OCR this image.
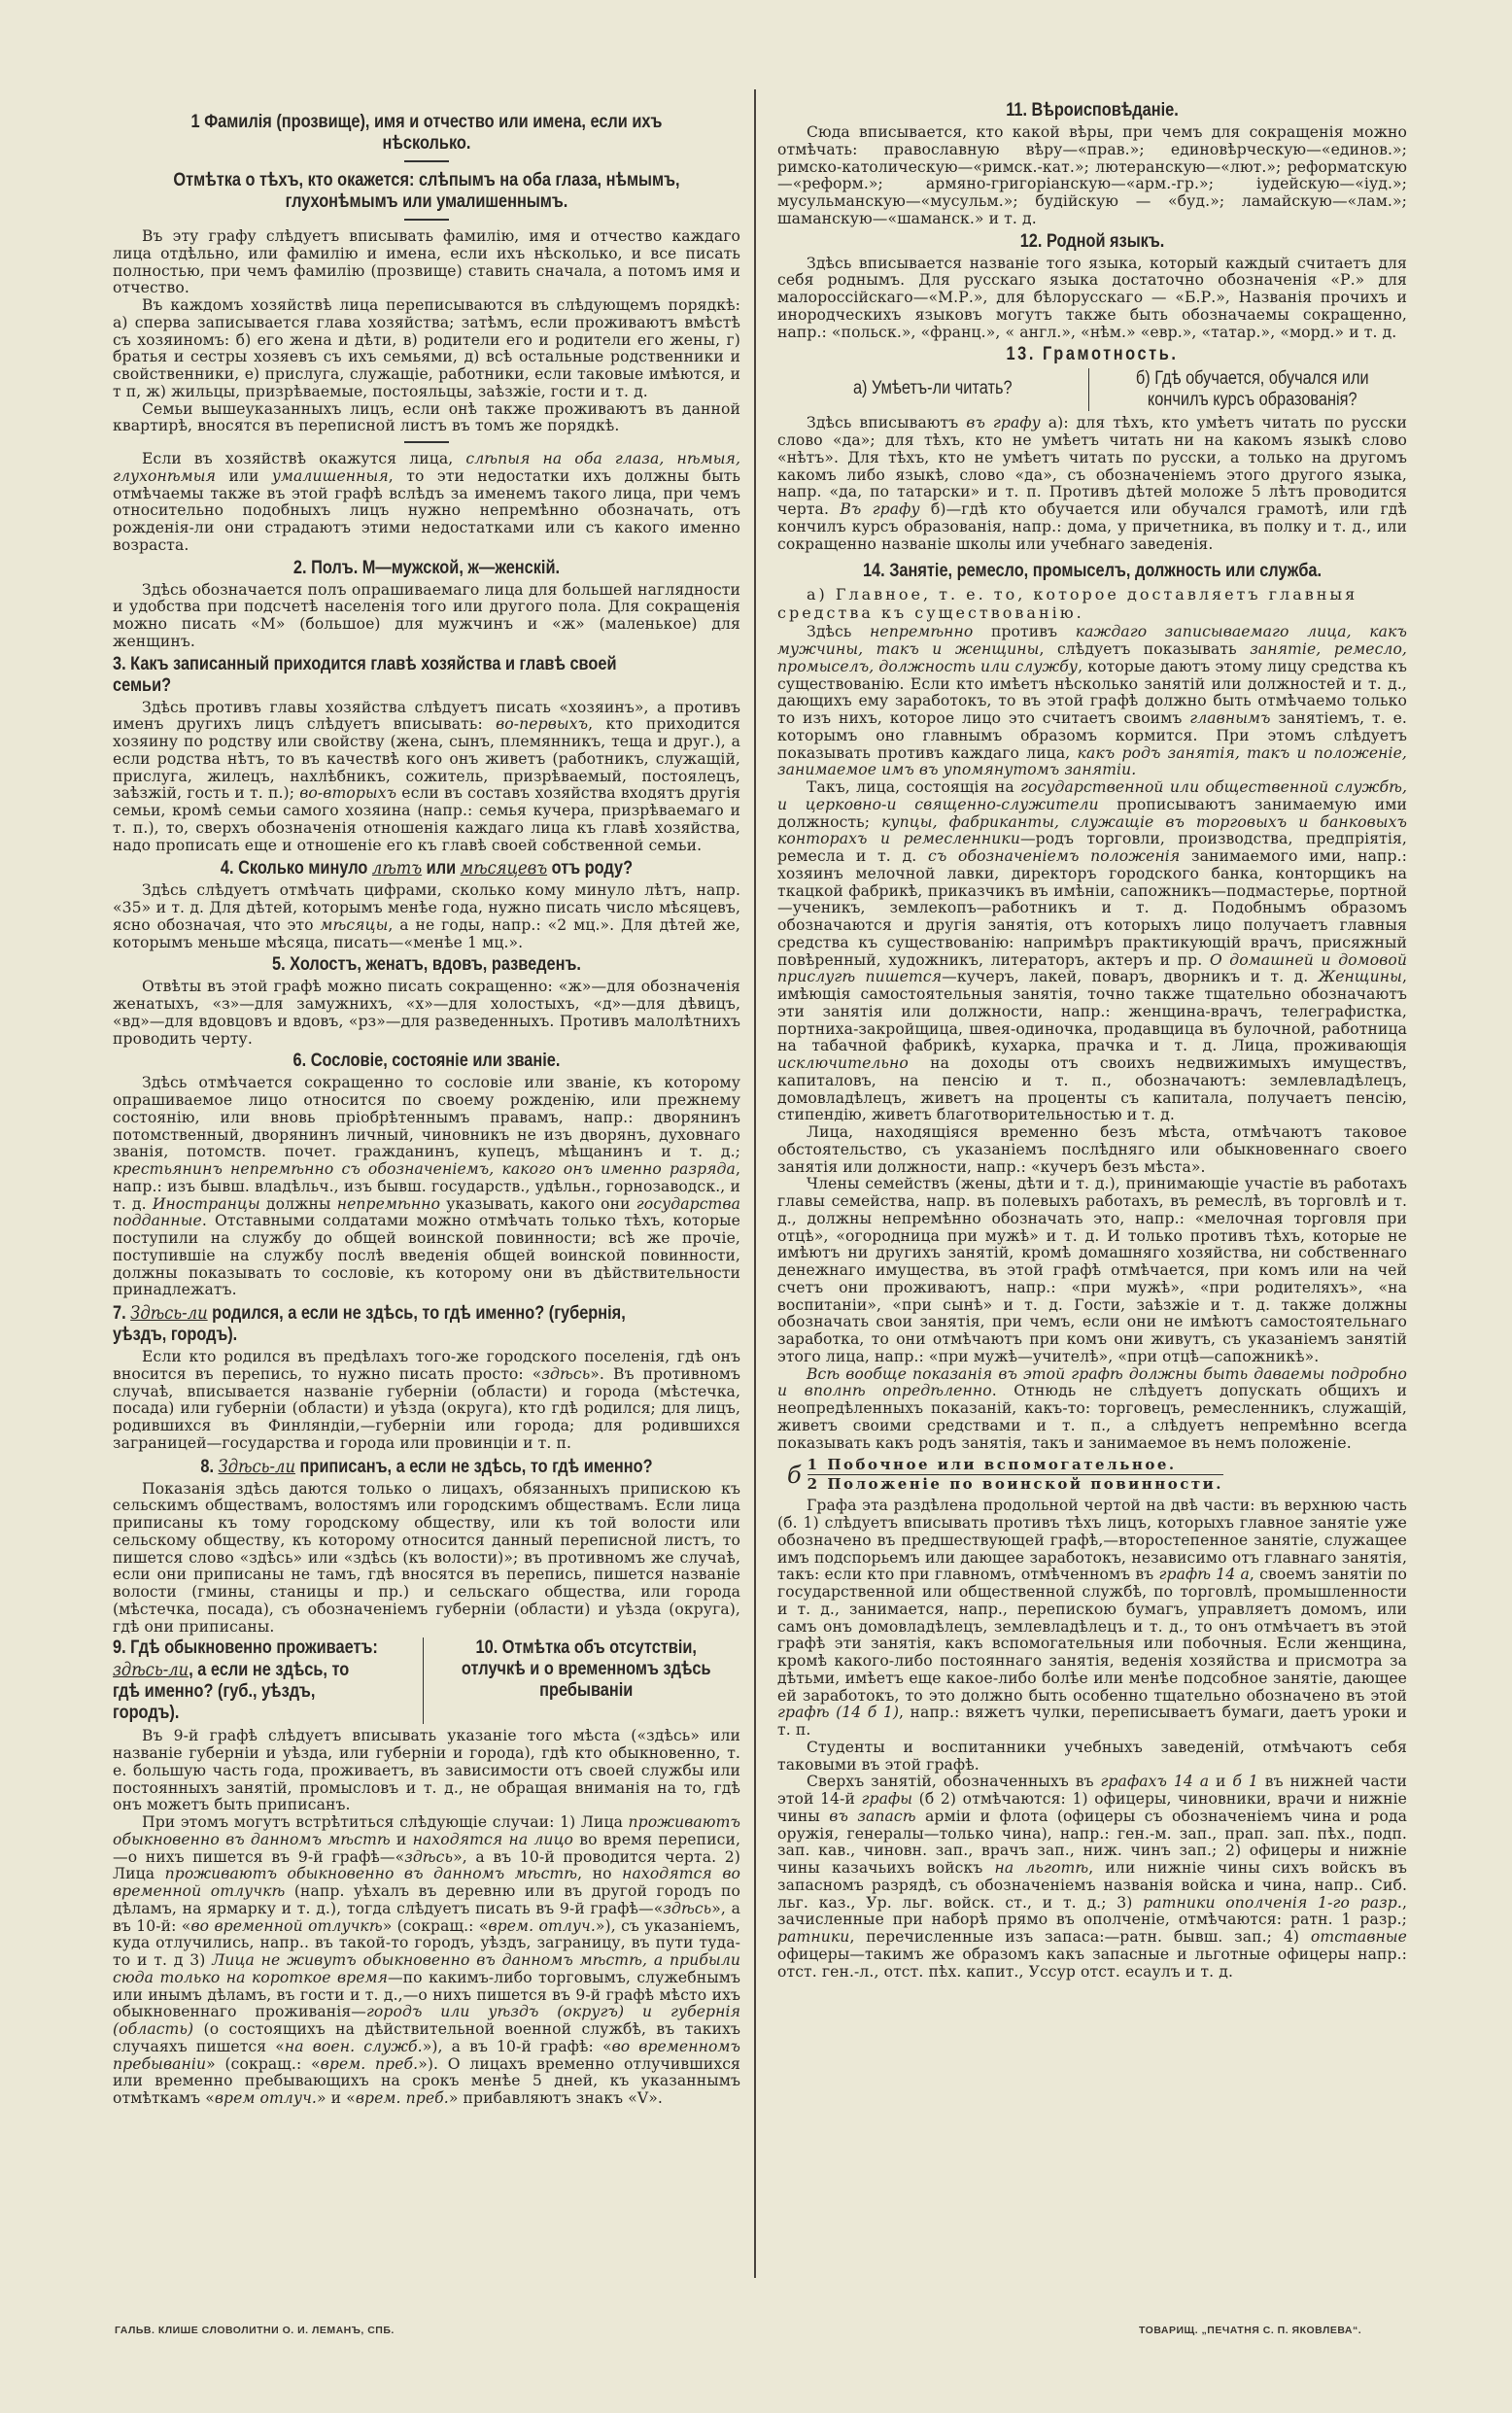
1 Фамилія (прозвище), имя и отчество или имена, если ихъ нѣсколько.
Отмѣтка о тѣхъ, кто окажется: слѣпымъ на оба глаза, нѣмымъ, глухонѣмымъ или умалишеннымъ.

Въ эту графу слѣдуетъ вписывать фамилію, имя и отчество каждаго лица отдѣльно, или фамилію и имена, если ихъ нѣсколько, и все писать полностью, при чемъ фамилію (прозвище) ставить сначала, а потомъ имя и отчество.

Въ каждомъ хозяйствѣ лица переписываются въ слѣдующемъ порядкѣ: а) сперва записывается глава хозяйства; затѣмъ, если проживаютъ вмѣстѣ съ хозяиномъ: б) его жена и дѣти, в) родители его и родители его жены, г) братья и сестры хозяевъ съ ихъ семьями, д) всѣ остальные родственники и свойственники, е) прислуга, служащіе, работники, если таковые имѣются, и т п, ж) жильцы, призрѣваемые, постояльцы, заѣзжіе, гости и т. д.

Семьи вышеуказанныхъ лицъ, если онѣ также проживаютъ въ данной квартирѣ, вносятся въ переписной листъ въ томъ же порядкѣ.

Если въ хозяйствѣ окажутся лица, слѣпыя на оба глаза, нѣмыя, глухонѣмыя или умалишенныя, то эти недостатки ихъ должны быть отмѣчаемы также въ этой графѣ вслѣдъ за именемъ такого лица, при чемъ относительно подобныхъ лицъ нужно непремѣнно обозначать, отъ рожденія-ли они страдаютъ этими недостатками или съ какого именно возраста.

2. Полъ. М—мужской, ж—женскій.

Здѣсь обозначается полъ опрашиваемаго лица для большей наглядности и удобства при подсчетѣ населенія того или другого пола. Для сокращенія можно писать «М» (большое) для мужчинъ и «ж» (маленькое) для женщинъ.

3. Какъ записанный приходится главѣ хозяйства и главѣ своей семьи?

Здѣсь противъ главы хозяйства слѣдуетъ писать «хозяинъ», а противъ именъ другихъ лицъ слѣдуетъ вписывать: во-первыхъ, кто приходится хозяину по родству или свойству (жена, сынъ, племянникъ, теща и друг.), а если родства нѣтъ, то въ качествѣ кого онъ живетъ (работникъ, служащій, прислуга, жилецъ, нахлѣбникъ, сожитель, призрѣваемый, постоялецъ, заѣзжій, гость и т. п.); во-вторыхъ если въ составъ хозяйства входятъ другія семьи, кромѣ семьи самого хозяина (напр.: семья кучера, призрѣваемаго и т. п.), то, сверхъ обозначенія отношенія каждаго лица къ главѣ хозяйства, надо прописать еще и отношеніе его къ главѣ своей собственной семьи.

4. Сколько минуло лѣтъ или мѣсяцевъ отъ роду?

Здѣсь слѣдуетъ отмѣчать цифрами, сколько кому минуло лѣтъ, напр. «35» и т. д. Для дѣтей, которымъ менѣе года, нужно писать число мѣсяцевъ, ясно обозначая, что это мѣсяцы, а не годы, напр.: «2 мц.». Для дѣтей же, которымъ меньше мѣсяца, писать—«менѣе 1 мц.».

5. Холостъ, женатъ, вдовъ, разведенъ.

Отвѣты въ этой графѣ можно писать сокращенно: «ж»—для обозначенія женатыхъ, «з»—для замужнихъ, «х»—для холостыхъ, «д»—для дѣвицъ, «вд»—для вдовцовъ и вдовъ, «рз»—для разведенныхъ. Противъ малолѣтнихъ проводить черту.

6. Сословіе, состояніе или званіе.

Здѣсь отмѣчается сокращенно то сословіе или званіе, къ которому опрашиваемое лицо относится по своему рожденію, или прежнему состоянію, или вновь пріобрѣтеннымъ правамъ, напр.: дворянинъ потомственный, дворянинъ личный, чиновникъ не изъ дворянъ, духовнаго званія, потомств. почет. гражданинъ, купецъ, мѣщанинъ и т. д.; крестьянинъ непремѣнно съ обозначеніемъ, какого онъ именно разряда, напр.: изъ бывш. владѣльч., изъ бывш. государств., удѣльн., горнозаводск., и т. д. Иностранцы должны непремѣнно указывать, какого они государства подданные. Отставными солдатами можно отмѣчать только тѣхъ, которые поступили на службу до общей воинской повинности; всѣ же прочіе, поступившіе на службу послѣ введенія общей воинской повинности, должны показывать то сословіе, къ которому они въ дѣйствительности принадлежатъ.

7. Здѣсь-ли родился, а если не здѣсь, то гдѣ именно? (губернія, уѣздъ, городъ).

Если кто родился въ предѣлахъ того-же городского поселенія, гдѣ онъ вносится въ перепись, то нужно писать просто: «здѣсь». Въ противномъ случаѣ, вписывается названіе губерніи (области) и города (мѣстечка, посада) или губерніи (области) и уѣзда (округа), кто гдѣ родился; для лицъ, родившихся въ Финляндіи,—губерніи или города; для родившихся заграницей—государства и города или провинціи и т. п.

8. Здѣсь-ли приписанъ, а если не здѣсь, то гдѣ именно?

Показанія здѣсь даются только о лицахъ, обязанныхъ припискою къ сельскимъ обществамъ, волостямъ или городскимъ обществамъ. Если лица приписаны къ тому городскому обществу, или къ той волости или сельскому обществу, къ которому относится данный переписной листъ, то пишется слово «здѣсь» или «здѣсь (къ волости)»; въ противномъ же случаѣ, если они приписаны не тамъ, гдѣ вносятся въ перепись, пишется названіе волости (гмины, станицы и пр.) и сельскаго общества, или города (мѣстечка, посада), съ обозначеніемъ губерніи (области) и уѣзда (округа), гдѣ они приписаны.

9. Гдѣ обыкновенно проживаетъ: здѣсь-ли, а если не здѣсь, то гдѣ именно? (губ., уѣздъ, городъ).
10. Отмѣтка объ отсутствіи, отлучкѣ и о временномъ здѣсь пребываніи

Въ 9-й графѣ слѣдуетъ вписывать указаніе того мѣста («здѣсь» или названіе губерніи и уѣзда, или губерніи и города), гдѣ кто обыкновенно, т. е. большую часть года, проживаетъ, въ зависимости отъ своей службы или постоянныхъ занятій, промысловъ и т. д., не обращая вниманія на то, гдѣ онъ можетъ быть приписанъ.

При этомъ могутъ встрѣтиться слѣдующіе случаи: 1) Лица проживаютъ обыкновенно въ данномъ мѣстѣ и находятся на лицо во время переписи,—о нихъ пишется въ 9-й графѣ—«здѣсь», а въ 10-й проводится черта. 2) Лица проживаютъ обыкновенно въ данномъ мѣстѣ, но находятся во временной отлучкѣ (напр. уѣхалъ въ деревню или въ другой городъ по дѣламъ, на ярмарку и т. д.), тогда слѣдуетъ писать въ 9-й графѣ—«здѣсь», а въ 10-й: «во временной отлучкѣ» (сокращ.: «врем. отлуч.»), съ указаніемъ, куда отлучились, напр.. въ такой-то городъ, уѣздъ, заграницу, въ пути туда-то и т. д 3) Лица не живутъ обыкновенно въ данномъ мѣстѣ, а прибыли сюда только на короткое время—по какимъ-либо торговымъ, служебнымъ или инымъ дѣламъ, въ гости и т. д.,—о нихъ пишется въ 9-й графѣ мѣсто ихъ обыкновеннаго проживанія—городъ или уѣздъ (округъ) и губернія (область) (о состоящихъ на дѣйствительной военной службѣ, въ такихъ случаяхъ пишется «на воен. служб.»), а въ 10-й графѣ: «во временномъ пребываніи» (сокращ.: «врем. преб.»). О лицахъ временно отлучившихся или временно пребывающихъ на срокъ менѣе 5 дней, къ указаннымъ отмѣткамъ «врем отлуч.» и «врем. преб.» прибавляютъ знакъ «V».

11. Вѣроисповѣданіе.

Сюда вписывается, кто какой вѣры, при чемъ для сокращенія можно отмѣчать: православную вѣру—«прав.»; единовѣрческую—«единов.»; римско-католическую—«римск.-кат.»; лютеранскую—«лют.»; реформатскую—«реформ.»; армяно-григоріанскую—«арм.-гр.»; іудейскую—«іуд.»; мусульманскую—«мусульм.»; будійскую — «буд.»; ламайскую—«лам.»; шаманскую—«шаманск.» и т. д.

12. Родной языкъ.

Здѣсь вписывается названіе того языка, который каждый считаетъ для себя роднымъ. Для русскаго языка достаточно обозначенія «Р.» для малороссійскаго—«М.Р.», для бѣлорусскаго — «Б.Р.», Названія прочихъ и инородческихъ языковъ могутъ также быть обозначаемы сокращенно, напр.: «польск.», «франц.», « англ.», «нѣм.» «евр.», «татар.», «морд.» и т. д.

13. Грамотность.
а) Умѣетъ-ли читать?	б) Гдѣ обучается, обучался или кончилъ курсъ образованія?

Здѣсь вписываютъ въ графу а): для тѣхъ, кто умѣетъ читать по русски слово «да»; для тѣхъ, кто не умѣетъ читать ни на какомъ языкѣ слово «нѣтъ». Для тѣхъ, кто не умѣетъ читать по русски, а только на другомъ какомъ либо языкѣ, слово «да», съ обозначеніемъ этого другого языка, напр. «да, по татарски» и т. п. Противъ дѣтей моложе 5 лѣтъ проводится черта. Въ графу б)—гдѣ кто обучается или обучался грамотѣ, или гдѣ кончилъ курсъ образованія, напр.: дома, у причетника, въ полку и т. д., или сокращенно названіе школы или учебнаго заведенія.

14. Занятіе, ремесло, промыселъ, должность или служба.
а) Главное, т. е. то, которое доставляетъ главныя средства къ существованію.

Здѣсь непремѣнно противъ каждаго записываемаго лица, какъ мужчины, такъ и женщины, слѣдуетъ показывать занятіе, ремесло, промыселъ, должность или службу, которые даютъ этому лицу средства къ существованію. Если кто имѣетъ нѣсколько занятій или должностей и т. д., дающихъ ему заработокъ, то въ этой графѣ должно быть отмѣчаемо только то изъ нихъ, которое лицо это считаетъ своимъ главнымъ занятіемъ, т. е. которымъ оно главнымъ образомъ кормится. При этомъ слѣдуетъ показывать противъ каждаго лица, какъ родъ занятія, такъ и положеніе, занимаемое имъ въ упомянутомъ занятіи.

Такъ, лица, состоящія на государственной или общественной службѣ, и церковно-и священно-служители прописываютъ занимаемую ими должность; купцы, фабриканты, служащіе въ торговыхъ и банковыхъ конторахъ и ремесленники—родъ торговли, производства, предпріятія, ремесла и т. д. съ обозначеніемъ положенія занимаемого ими, напр.: хозяинъ мелочной лавки, директоръ городского банка, конторщикъ на ткацкой фабрикѣ, приказчикъ въ имѣніи, сапожникъ—подмастерье, портной—ученикъ, землекопъ—работникъ и т. д. Подобнымъ образомъ обозначаются и другія занятія, отъ которыхъ лицо получаетъ главныя средства къ существованію: напримѣръ практикующій врачъ, присяжный повѣренный, художникъ, литераторъ, актеръ и пр. О домашней и домовой прислугѣ пишется—кучеръ, лакей, поваръ, дворникъ и т. д. Женщины, имѣющія самостоятельныя занятія, точно также тщательно обозначаютъ эти занятія или должности, напр.: женщина-врачъ, телеграфистка, портниха-закройщица, швея-одиночка, продавщица въ булочной, работница на табачной фабрикѣ, кухарка, прачка и т. д. Лица, проживающія исключительно на доходы отъ своихъ недвижимыхъ имуществъ, капиталовъ, на пенсію и т. п., обозначаютъ: землевладѣлецъ, домовладѣлецъ, живетъ на проценты съ капитала, получаетъ пенсію, стипендію, живетъ благотворительностью и т. д.

Лица, находящіяся временно безъ мѣста, отмѣчаютъ таковое обстоятельство, съ указаніемъ послѣдняго или обыкновеннаго своего занятія или должности, напр.: «кучеръ безъ мѣста».

Члены семействъ (жены, дѣти и т. д.), принимающіе участіе въ работахъ главы семейства, напр. въ полевыхъ работахъ, въ ремеслѣ, въ торговлѣ и т. д., должны непремѣнно обозначать это, напр.: «мелочная торговля при отцѣ», «огородница при мужѣ» и т. д. И только противъ тѣхъ, которые не имѣютъ ни другихъ занятій, кромѣ домашняго хозяйства, ни собственнаго денежнаго имущества, въ этой графѣ отмѣчается, при комъ или на чей счетъ они проживаютъ, напр.: «при мужѣ», «при родителяхъ», «на воспитаніи», «при сынѣ» и т. д. Гости, заѣзжіе и т. д. также должны обозначать свои занятія, при чемъ, если они не имѣютъ самостоятельнаго заработка, то они отмѣчаютъ при комъ они живутъ, съ указаніемъ занятій этого лица, напр.: «при мужѣ—учителѣ», «при отцѣ—сапожникѣ».

Всѣ вообще показанія въ этой графѣ должны быть даваемы подробно и вполнѣ опредѣленно. Отнюдь не слѣдуетъ допускать общихъ и неопредѣленныхъ показаній, какъ-то: торговецъ, ремесленникъ, служащій, живетъ своими средствами и т. п., а слѣдуетъ непремѣнно всегда показывать какъ родъ занятія, такъ и занимаемое въ немъ положеніе.

б 1 Побочное или вспомогательное.
2 Положеніе по воинской повинности.

Графа эта раздѣлена продольной чертой на двѣ части: въ верхнюю часть (б. 1) слѣдуетъ вписывать противъ тѣхъ лицъ, которыхъ главное занятіе уже обозначено въ предшествующей графѣ,—второстепенное занятіе, служащее имъ подспорьемъ или дающее заработокъ, независимо отъ главнаго занятія, такъ: если кто при главномъ, отмѣченномъ въ графѣ 14 а, своемъ занятіи по государственной или общественной службѣ, по торговлѣ, промышленности и т. д., занимается, напр., перепискою бумагъ, управляетъ домомъ, или самъ онъ домовладѣлецъ, землевладѣлецъ и т. д., то онъ отмѣчаетъ въ этой графѣ эти занятія, какъ вспомогательныя или побочныя. Если женщина, кромѣ какого-либо постояннаго занятія, веденія хозяйства и присмотра за дѣтьми, имѣетъ еще какое-либо болѣе или менѣе подсобное занятіе, дающее ей заработокъ, то это должно быть особенно тщательно обозначено въ этой графѣ (14 б 1), напр.: вяжетъ чулки, переписываетъ бумаги, даетъ уроки и т. п.

Студенты и воспитанники учебныхъ заведеній, отмѣчаютъ себя таковыми въ этой графѣ.

Сверхъ занятій, обозначенныхъ въ графахъ 14 а и б 1 въ нижней части этой 14-й графы (б 2) отмѣчаются: 1) офицеры, чиновники, врачи и нижніе чины въ запасѣ арміи и флота (офицеры съ обозначеніемъ чина и рода оружія, генералы—только чина), напр.: ген.-м. зап., прап. зап. пѣх., подп. зап. кав., чиновн. зап., врачъ зап., ниж. чинъ зап.; 2) офицеры и нижніе чины казачьихъ войскъ на льготѣ, или нижніе чины сихъ войскъ въ запасномъ разрядѣ, съ обозначеніемъ названія войска и чина, напр.. Сиб. льг. каз., Ур. льг. войск. ст., и т. д.; 3) ратники ополченія 1-го разр., зачисленные при наборѣ прямо въ ополченіе, отмѣчаются: ратн. 1 разр.; ратники, перечисленные изъ запаса:—ратн. бывш. зап.; 4) отставные офицеры—такимъ же образомъ какъ запасные и льготные офицеры напр.: отст. ген.-л., отст. пѣх. капит., Уссур отст. есаулъ и т. д.

ГАЛЬВ. КЛИШЕ СЛОВОЛИТНИ О. И. ЛЕМАНЪ, СПБ.	ТОВАРИЩ. „ПЕЧАТНЯ С. П. ЯКОВЛЕВА“.
